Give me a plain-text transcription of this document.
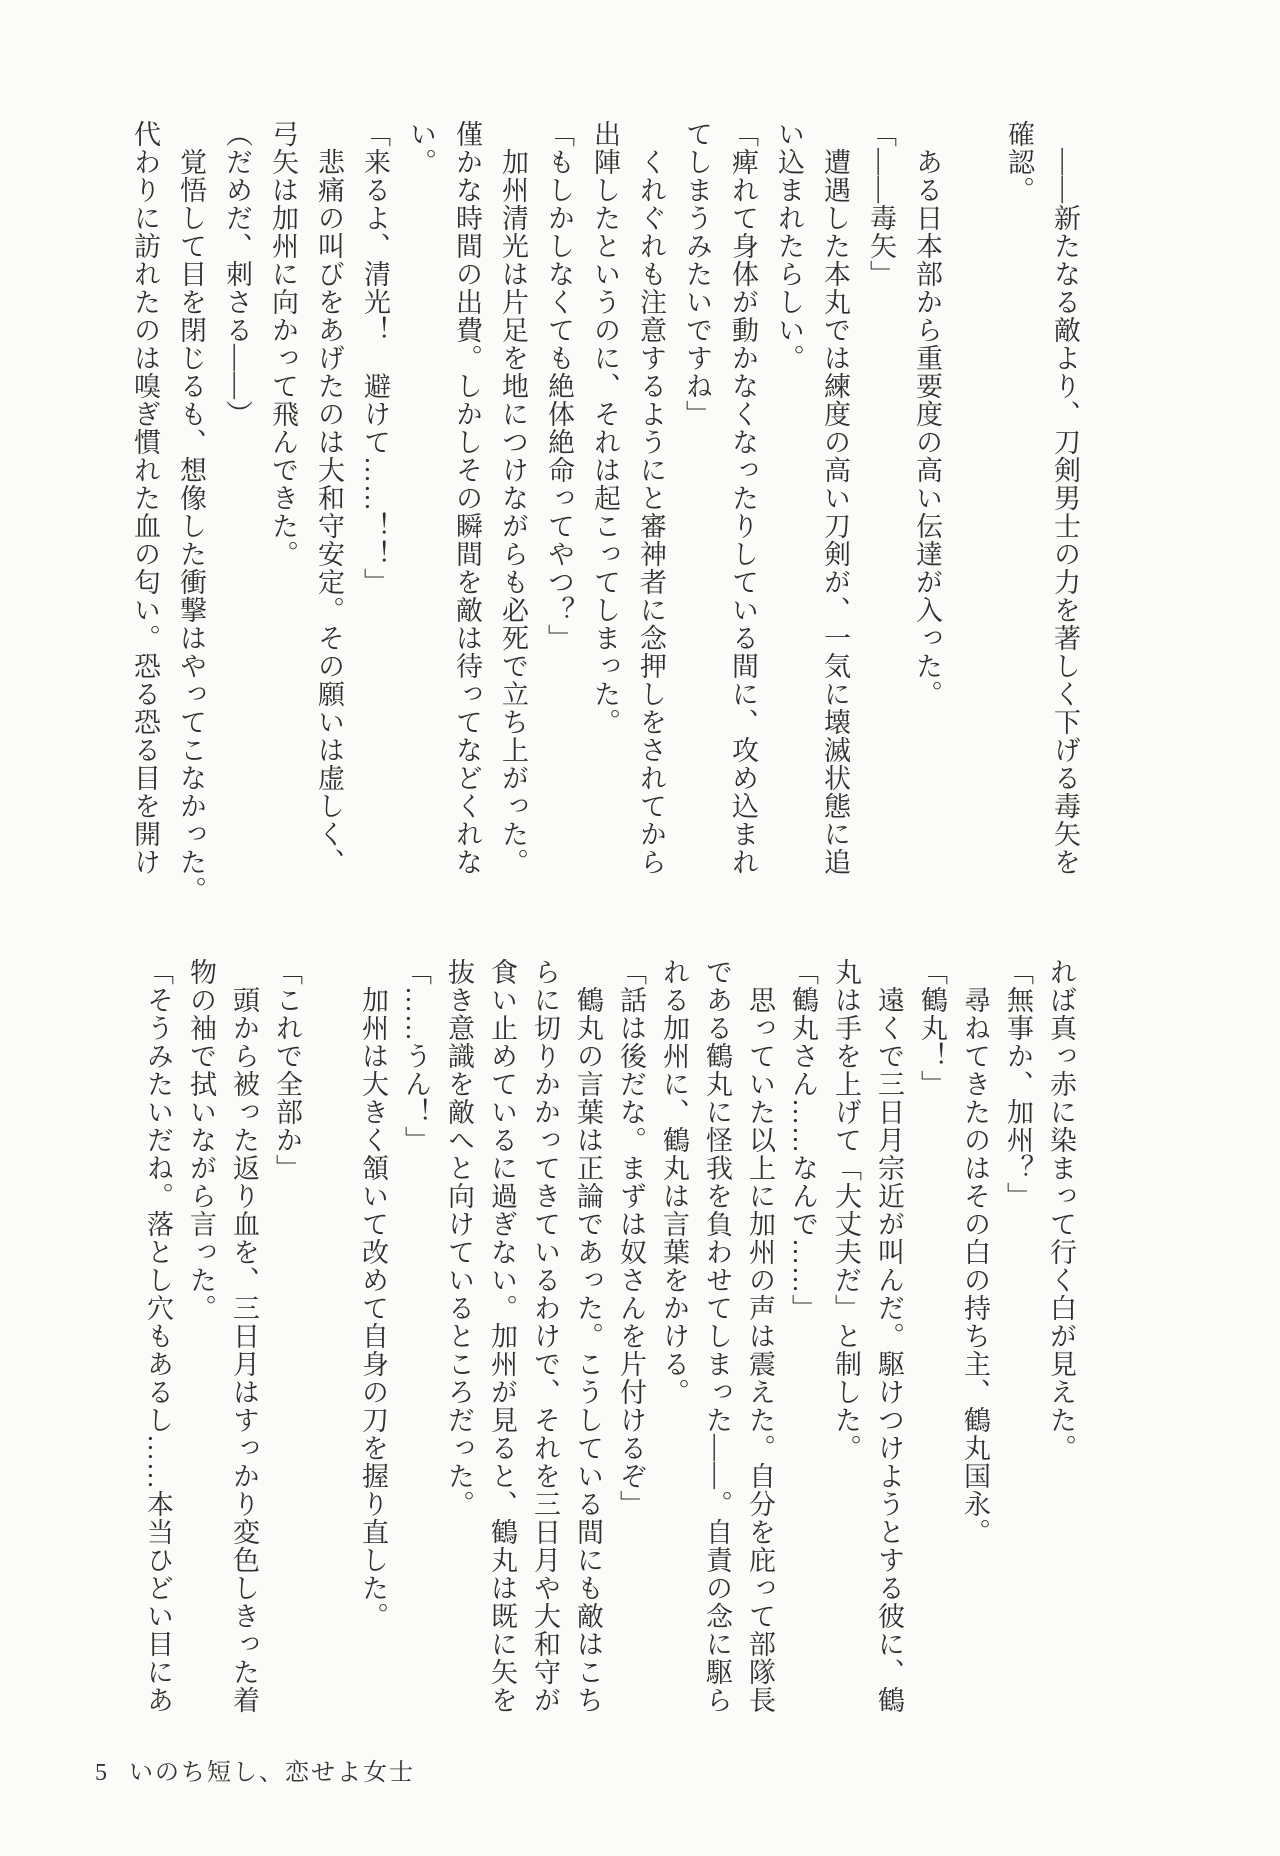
　――新たなる敵より、刀剣男士の力を著しく下げる毒矢を
確認。
　ある日本部から重要度の高い伝達が入った。
「――毒矢」
　遭遇した本丸では練度の高い刀剣が、一気に壊滅状態に追
い込まれたらしい。
「痺れて身体が動かなくなったりしている間に、攻め込まれ
てしまうみたいですね」
　くれぐれも注意するようにと審神者に念押しをされてから
出陣したというのに、それは起こってしまった。
「もしかしなくても絶体絶命ってやつ？」
　加州清光は片足を地につけながらも必死で立ち上がった。
僅かな時間の出費。しかしその瞬間を敵は待ってなどくれな
い。
「来るよ、清光！　避けて……！！」
　悲痛の叫びをあげたのは大和守安定。その願いは虚しく、
弓矢は加州に向かって飛んできた。
（だめだ、刺さる――）
　覚悟して目を閉じるも、想像した衝撃はやってこなかった。
代わりに訪れたのは嗅ぎ慣れた血の匂い。恐る恐る目を開け
れば真っ赤に染まって行く白が見えた。
「無事か、加州？」
　尋ねてきたのはその白の持ち主、鶴丸国永。
「鶴丸！」
　遠くで三日月宗近が叫んだ。駆けつけようとする彼に、鶴
丸は手を上げて「大丈夫だ」と制した。
「鶴丸さん……なんで……」
　思っていた以上に加州の声は震えた。自分を庇って部隊長
である鶴丸に怪我を負わせてしまった――。自責の念に駆ら
れる加州に、鶴丸は言葉をかける。
「話は後だな。まずは奴さんを片付けるぞ」
　鶴丸の言葉は正論であった。こうしている間にも敵はこち
らに切りかかってきているわけで、それを三日月や大和守が
食い止めているに過ぎない。加州が見ると、鶴丸は既に矢を
抜き意識を敵へと向けているところだった。
「……うん！」
　加州は大きく頷いて改めて自身の刀を握り直した。
「これで全部か」
　頭から被った返り血を、三日月はすっかり変色しきった着
物の袖で拭いながら言った。
「そうみたいだね。落とし穴もあるし……本当ひどい目にあ
5 いのち短し、恋せよ女士
